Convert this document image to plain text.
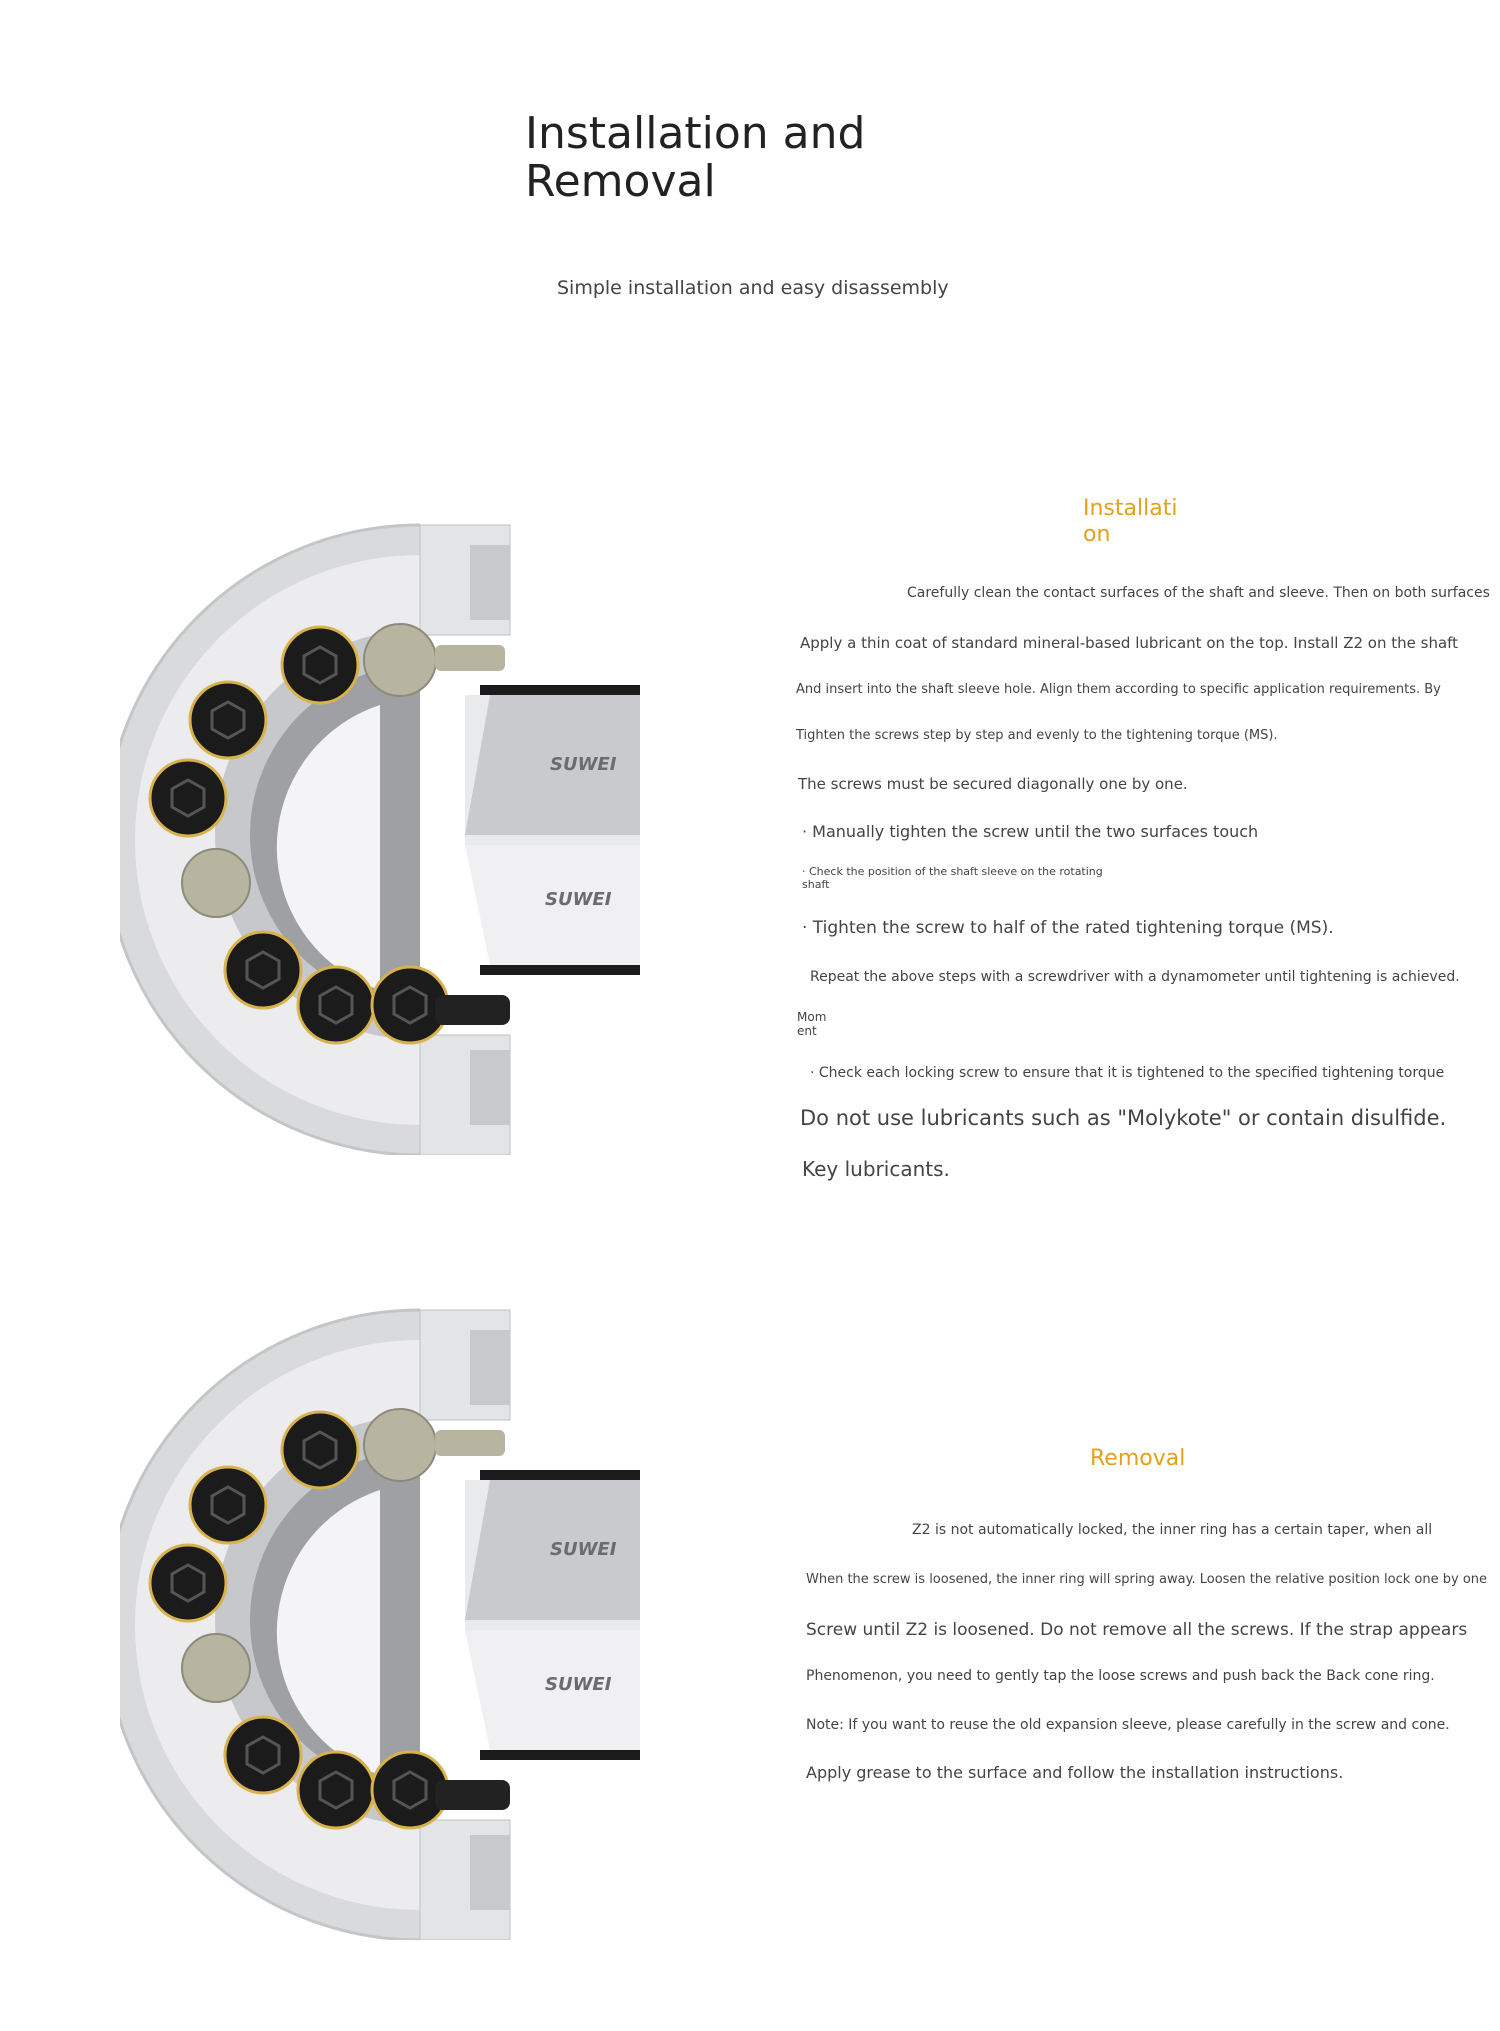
Installation and Removal
Simple installation and easy disassembly
SUWEI
SUWEI
Installati
on
Carefully clean the contact surfaces of the shaft and sleeve. Then on both surfaces
Apply a thin coat of standard mineral-based lubricant on the top. Install Z2 on the shaft
And insert into the shaft sleeve hole. Align them according to specific application requirements. By
Tighten the screws step by step and evenly to the tightening torque (MS).
The screws must be secured diagonally one by one.
· Manually tighten the screw until the two surfaces touch
· Check the position of the shaft sleeve on the rotating
shaft
· Tighten the screw to half of the rated tightening torque (MS).
Repeat the above steps with a screwdriver with a dynamometer until tightening is achieved.
Mom
ent
· Check each locking screw to ensure that it is tightened to the specified tightening torque
Do not use lubricants such as "Molykote" or contain disulfide.
Key lubricants.
SUWEI
SUWEI
Removal
Z2 is not automatically locked, the inner ring has a certain taper, when all
When the screw is loosened, the inner ring will spring away. Loosen the relative position lock one by one
Screw until Z2 is loosened. Do not remove all the screws. If the strap appears
Phenomenon, you need to gently tap the loose screws and push back the Back cone ring.
Note: If you want to reuse the old expansion sleeve, please carefully in the screw and cone.
Apply grease to the surface and follow the installation instructions.
